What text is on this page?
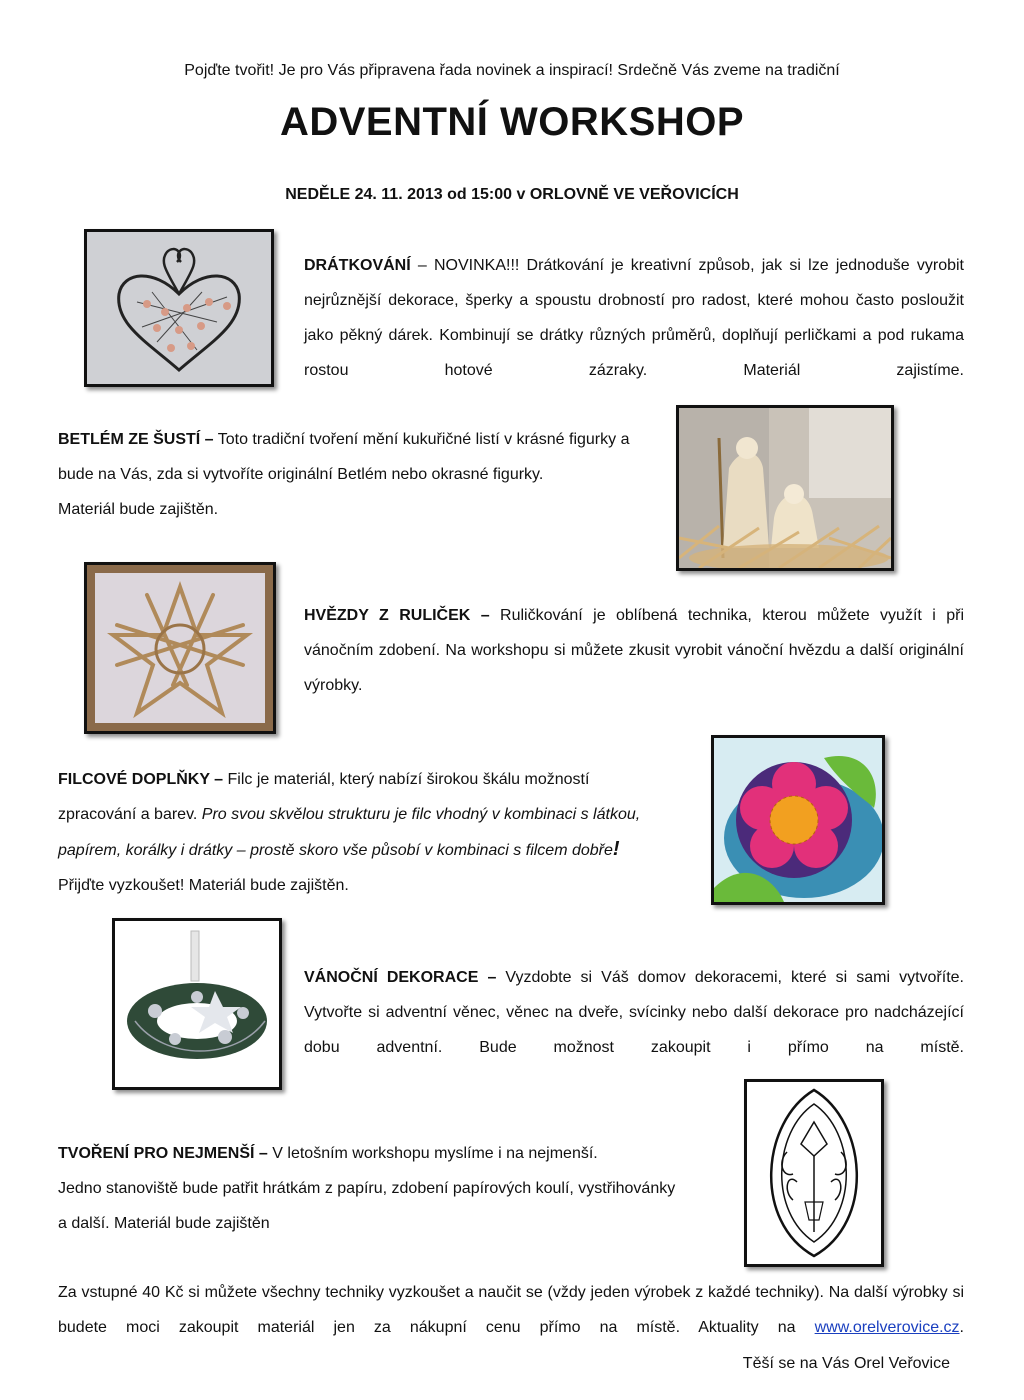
Pojďte tvořit! Je pro Vás připravena řada novinek a inspirací! Srdečně Vás zveme na tradiční
ADVENTNÍ WORKSHOP
NEDĚLE 24. 11. 2013 od 15:00 v ORLOVNĚ VE VEŘOVICÍCH
DRÁTKOVÁNÍ – NOVINKA!!! Drátkování je kreativní způsob, jak si lze jednoduše vyrobit nejrůznější dekorace, šperky a spoustu drobností pro radost, které mohou často posloužit jako pěkný dárek. Kombinují se drátky různých průměrů, doplňují perličkami a pod rukama rostou hotové zázraky. Materiál zajistíme.
BETLÉM ZE ŠUSTÍ – Toto tradiční tvoření mění kukuřičné listí v krásné figurky a
bude na Vás, zda si vytvoříte originální Betlém nebo okrasné figurky.
Materiál bude zajištěn.
HVĚZDY Z RULIČEK – Ruličkování je oblíbená technika, kterou můžete využít i při vánočním zdobení. Na workshopu si můžete zkusit vyrobit vánoční hvězdu a další originální výrobky.
FILCOVÉ DOPLŇKY – Filc je materiál, který nabízí širokou škálu možností
zpracování a barev. Pro svou skvělou strukturu je filc vhodný v kombinaci s látkou,
papírem, korálky i drátky – prostě skoro vše působí v kombinaci s filcem dobře!
Přijďte vyzkoušet! Materiál bude zajištěn.
VÁNOČNÍ DEKORACE – Vyzdobte si Váš domov dekoracemi, které si sami vytvoříte. Vytvořte si adventní věnec, věnec na dveře, svícinky nebo další dekorace pro nadcházející dobu adventní. Bude možnost zakoupit i přímo na místě.
TVOŘENÍ PRO NEJMENŠÍ – V letošním workshopu myslíme i na nejmenší.
Jedno stanoviště bude patřit hrátkám z papíru, zdobení papírových koulí, vystřihovánky
a další. Materiál bude zajištěn
Za vstupné 40 Kč si můžete všechny techniky vyzkoušet a naučit se (vždy jeden výrobek z každé techniky). Na další výrobky si budete moci zakoupit materiál jen za nákupní cenu přímo na místě. Aktuality na www.orelverovice.cz.
Těší se na Vás Orel Veřovice
